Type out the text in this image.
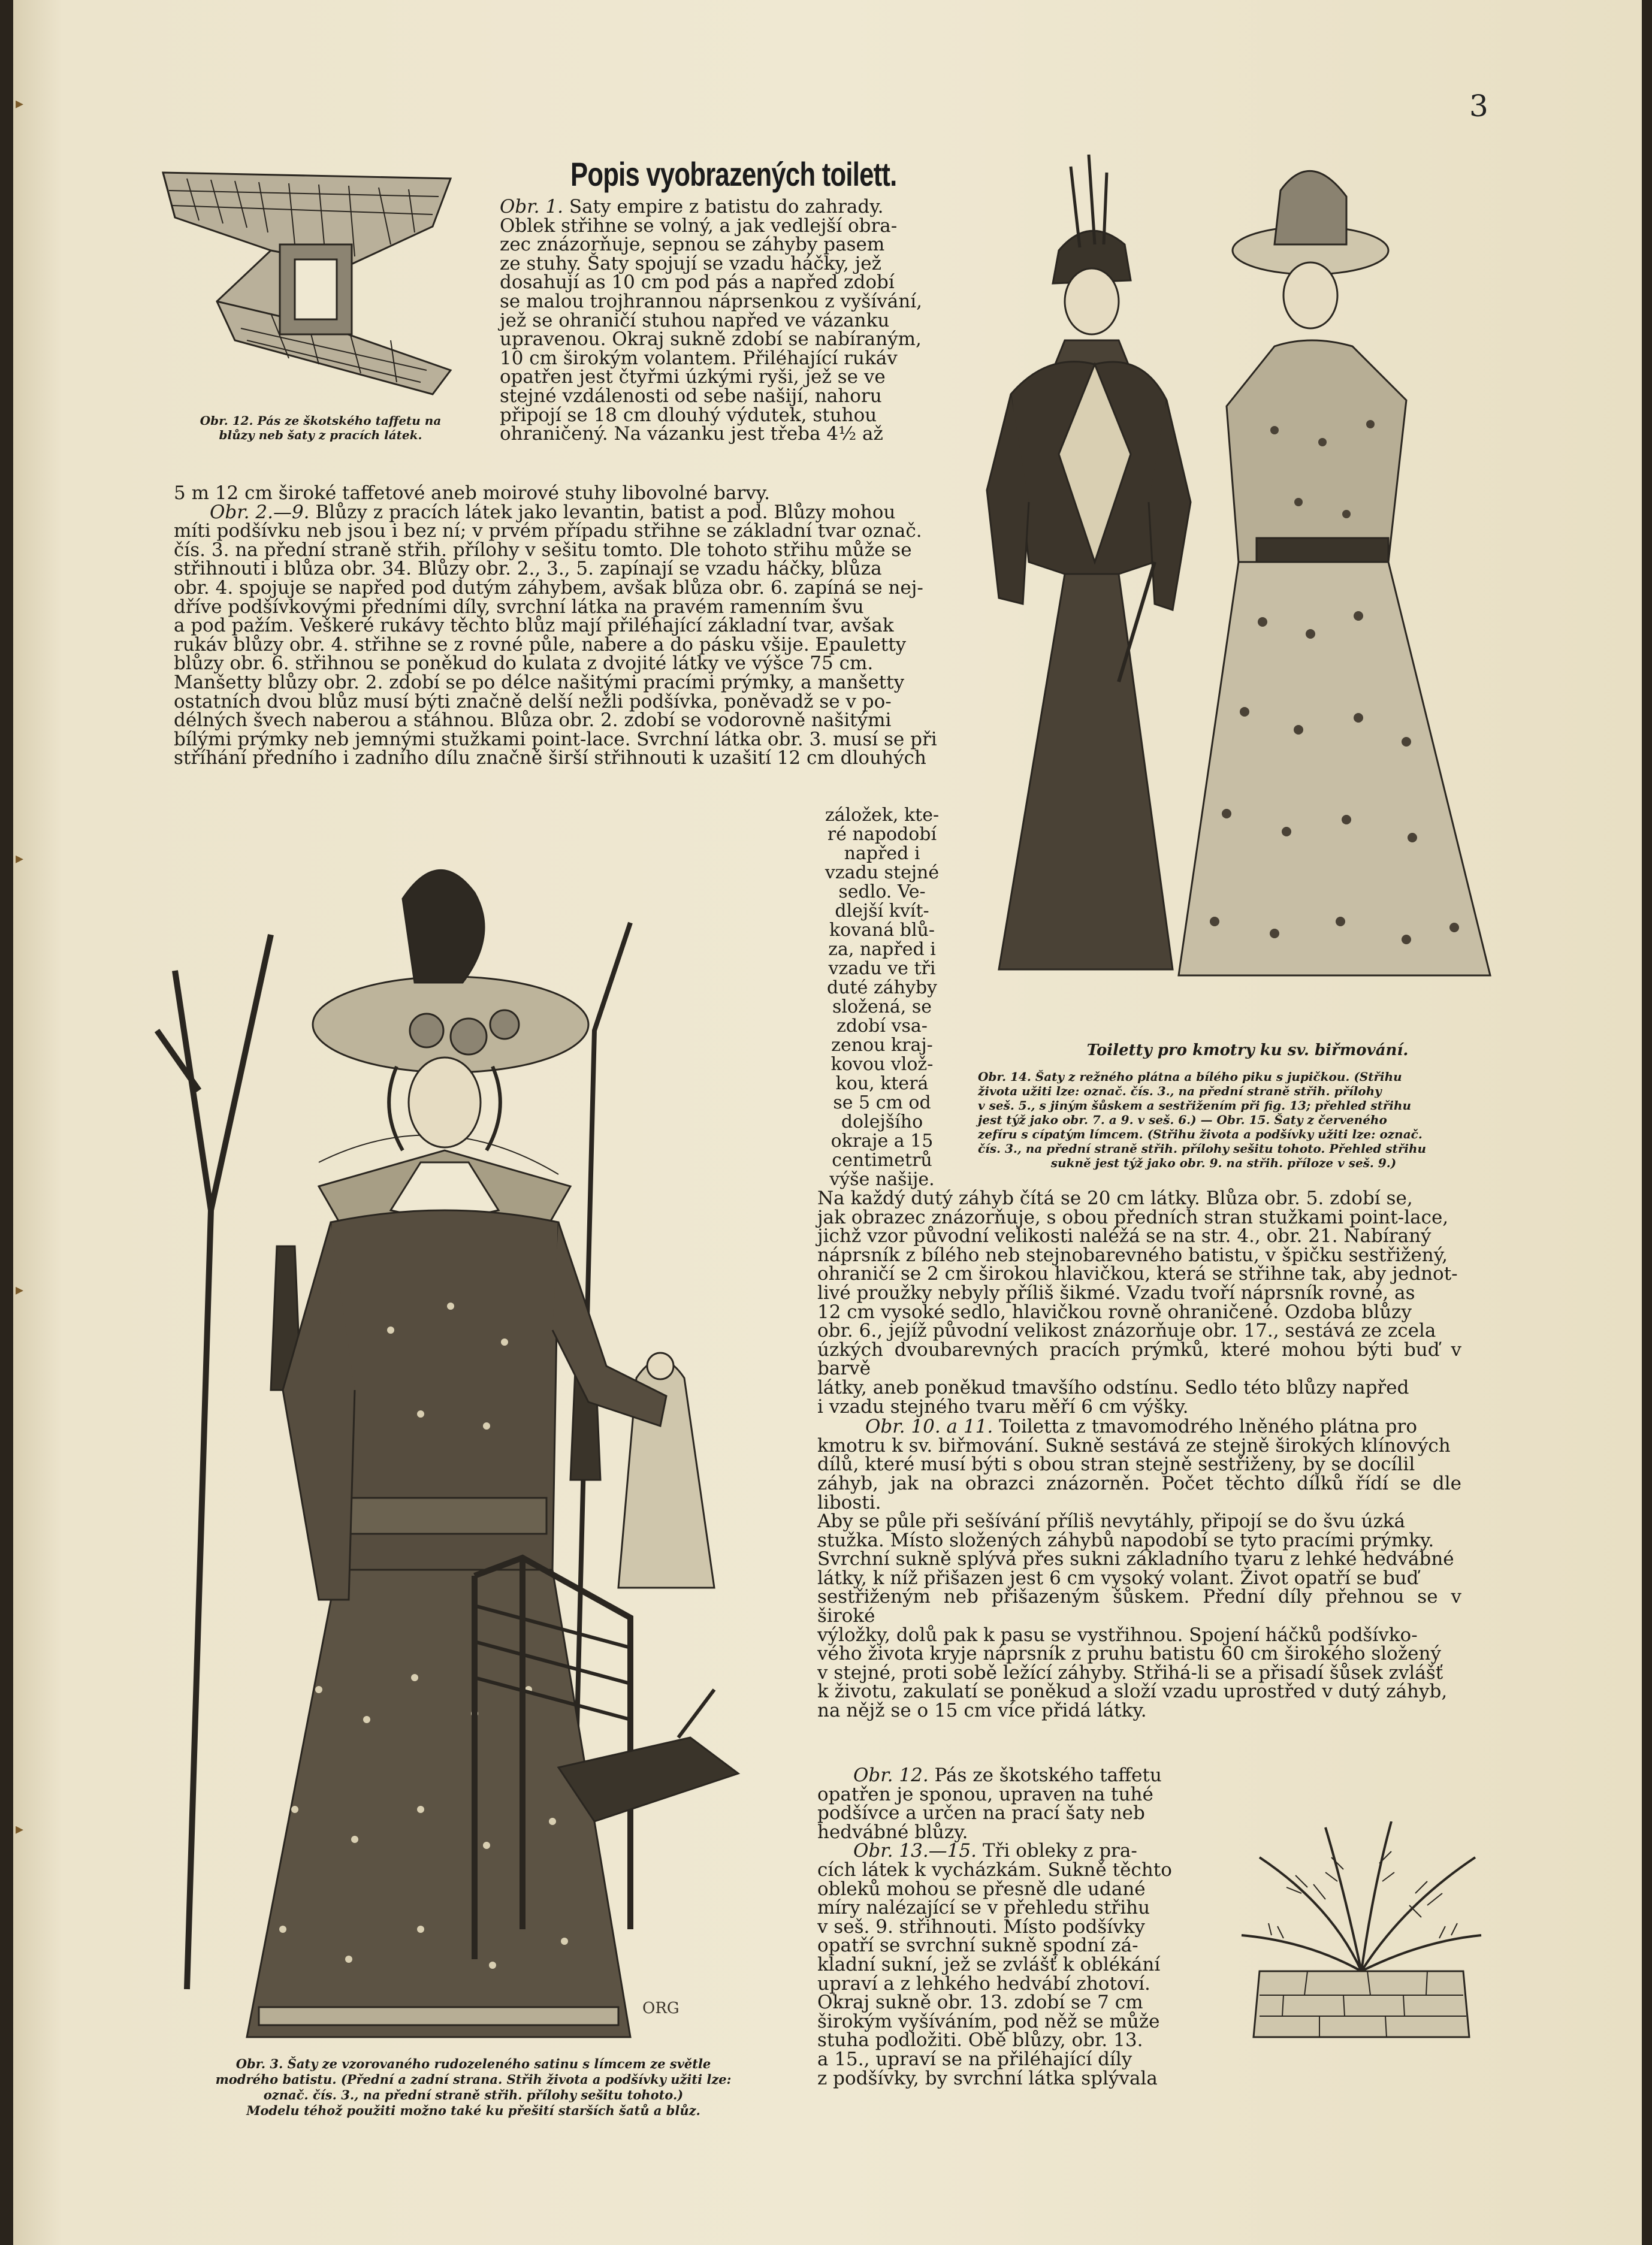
▸
▸
▸
▸
3
Popis vyobrazených toilett.
Obr. 12. Pás ze škotského taffetu na
blůzy neb šaty z pracích látek.

Obr. 1. Saty empire z batistu do zahrady.

Oblek střihne se volný, a jak vedlejší obra-
zec znázorňuje, sepnou se záhyby pasem
ze stuhy. Šaty spojují se vzadu háčky, jež
dosahují as 10 cm pod pás a napřed zdobí
se malou trojhrannou náprsenkou z vyšívání,
jež se ohraničí stuhou napřed ve vázanku
upravenou. Okraj sukně zdobí se nabíraným,
10 cm širokým volantem. Přiléhající rukáv
opatřen jest čtyřmi úzkými ryši, jež se ve
stejné vzdálenosti od sebe našijí, nahoru
připojí se 18 cm dlouhý výdutek, stuhou
ohraničený. Na vázanku jest třeba 4½ až
5 m 12 cm široké taffetové aneb moirové stuhy libovolné barvy.
Obr. 2.—9. Blůzy z pracích látek jako levantin, batist a pod. Blůzy mohou
míti podšívku neb jsou i bez ní; v prvém případu střihne se základní tvar označ.
čís. 3. na přední straně střih. přílohy v sešitu tomto. Dle tohoto střihu může se
střihnouti i blůza obr. 34. Blůzy obr. 2., 3., 5. zapínají se vzadu háčky, blůza
obr. 4. spojuje se napřed pod dutým záhybem, avšak blůza obr. 6. zapíná se nej-
dříve podšívkovými předními díly, svrchní látka na pravém ramenním švu
a pod pažím. Veškeré rukávy těchto blůz mají přiléhající základní tvar, avšak
rukáv blůzy obr. 4. střihne se z rovné půle, nabere a do pásku všije. Epauletty
blůzy obr. 6. střihnou se poněkud do kulata z dvojité látky ve výšce 75 cm.
Manšetty blůzy obr. 2. zdobí se po délce našitými pracími prýmky, a manšetty
ostatních dvou blůz musí býti značně delší nežli podšívka, poněvadž se v po-
délných švech naberou a stáhnou. Blůza obr. 2. zdobí se vodorovně našitými
bílými prýmky neb jemnými stužkami point-lace. Svrchní látka obr. 3. musí se při
stříhání předního i zadního dílu značně širší střihnouti k uzašití 12 cm dlouhých
záložek, kte-
ré napodobí
napřed i
vzadu stejné
sedlo. Ve-
dlejší kvít-
kovaná blů-
za, napřed i
vzadu ve tři
duté záhyby
složená, se
zdobí vsa-
zenou kraj-
kovou vlož-
kou, která
se 5 cm od
dolejšího
okraje a 15
centimetrů
výše našije.
Na každý dutý záhyb čítá se 20 cm látky. Blůza obr. 5. zdobí se,
jak obrazec znázorňuje, s obou předních stran stužkami point-lace,
jichž vzor původní velikosti naléžá se na str. 4., obr. 21. Nabíraný
náprsník z bílého neb stejnobarevného batistu, v špičku sestřižený,
ohraničí se 2 cm širokou hlavičkou, která se střihne tak, aby jednot-
livé proužky nebyly příliš šikmé. Vzadu tvoří náprsník rovné, as
12 cm vysoké sedlo, hlavičkou rovně ohraničené. Ozdoba blůzy
obr. 6., jejíž původní velikost znázorňuje obr. 17., sestává ze zcela
úzkých dvoubarevných pracích prýmků, které mohou býti buď v barvě
látky, aneb poněkud tmavšího odstínu. Sedlo této blůzy napřed
i vzadu stejného tvaru měří 6 cm výšky.
Obr. 10. a 11. Toiletta z tmavomodrého lněného plátna pro
kmotru k sv. biřmování. Sukně sestává ze stejně širokých klínových
dílů, které musí býti s obou stran stejně sestřiženy, by se docílil
záhyb, jak na obrazci znázorněn. Počet těchto dílků řídí se dle libosti.
Aby se půle při sešívání příliš nevytáhly, připojí se do švu úzká
stužka. Místo složených záhybů napodobí se tyto pracími prýmky.
Svrchní sukně splývá přes sukni základního tvaru z lehké hedvábné
látky, k níž přišazen jest 6 cm vysoký volant. Život opatří se buď
sestřiženým neb přišazeným šůskem. Přední díly přehnou se v široké
výložky, dolů pak k pasu se vystřihnou. Spojení háčků podšívko-
vého života kryje náprsník z pruhu batistu 60 cm širokého složený
v stejné, proti sobě ležící záhyby. Střihá-li se a přisadí šůsek zvlášť
k životu, zakulatí se poněkud a složí vzadu uprostřed v dutý záhyb,
na nějž se o 15 cm více přidá látky.
Obr. 12. Pás ze škotského taffetu
opatřen je sponou, upraven na tuhé
podšívce a určen na prací šaty neb
hedvábné blůzy.
Obr. 13.—15. Tři obleky z pra-
cích látek k vycházkám. Sukně těchto
obleků mohou se přesně dle udané
míry nalézající se v přehledu střihu
v seš. 9. střihnouti. Místo podšívky
opatří se svrchní sukně spodní zá-
kladní sukní, jež se zvlášť k oblékání
upraví a z lehkého hedvábí zhotoví.
Okraj sukně obr. 13. zdobí se 7 cm
širokým vyšíváním, pod něž se může
stuha podložiti. Obě blůzy, obr. 13.
a 15., upraví se na přiléhající díly
z podšívky, by svrchní látka splývala
Toiletty pro kmotry ku sv. biřmování.
Obr. 14. Šaty z režného plátna a bílého piku s jupičkou. (Střihu
života užiti lze: označ. čís. 3., na přední straně střih. přílohy
v seš. 5., s jiným šůskem a sestřižením při fig. 13; přehled střihu
jest týž jako obr. 7. a 9. v seš. 6.) — Obr. 15. Šaty z červeného
zefíru s cípatým límcem. (Střihu života a podšívky užiti lze: označ.
čís. 3., na přední straně střih. přílohy sešitu tohoto. Přehled střihu
sukně jest týž jako obr. 9. na střih. příloze v seš. 9.)
ORG
Obr. 3. Šaty ze vzorovaného rudozeleného satinu s límcem ze světle
modrého batistu. (Přední a zadní strana. Střih života a podšívky užiti lze:
označ. čís. 3., na přední straně střih. přílohy sešitu tohoto.)
Modelu téhož použiti možno také ku přešití starších šatů a blůz.
